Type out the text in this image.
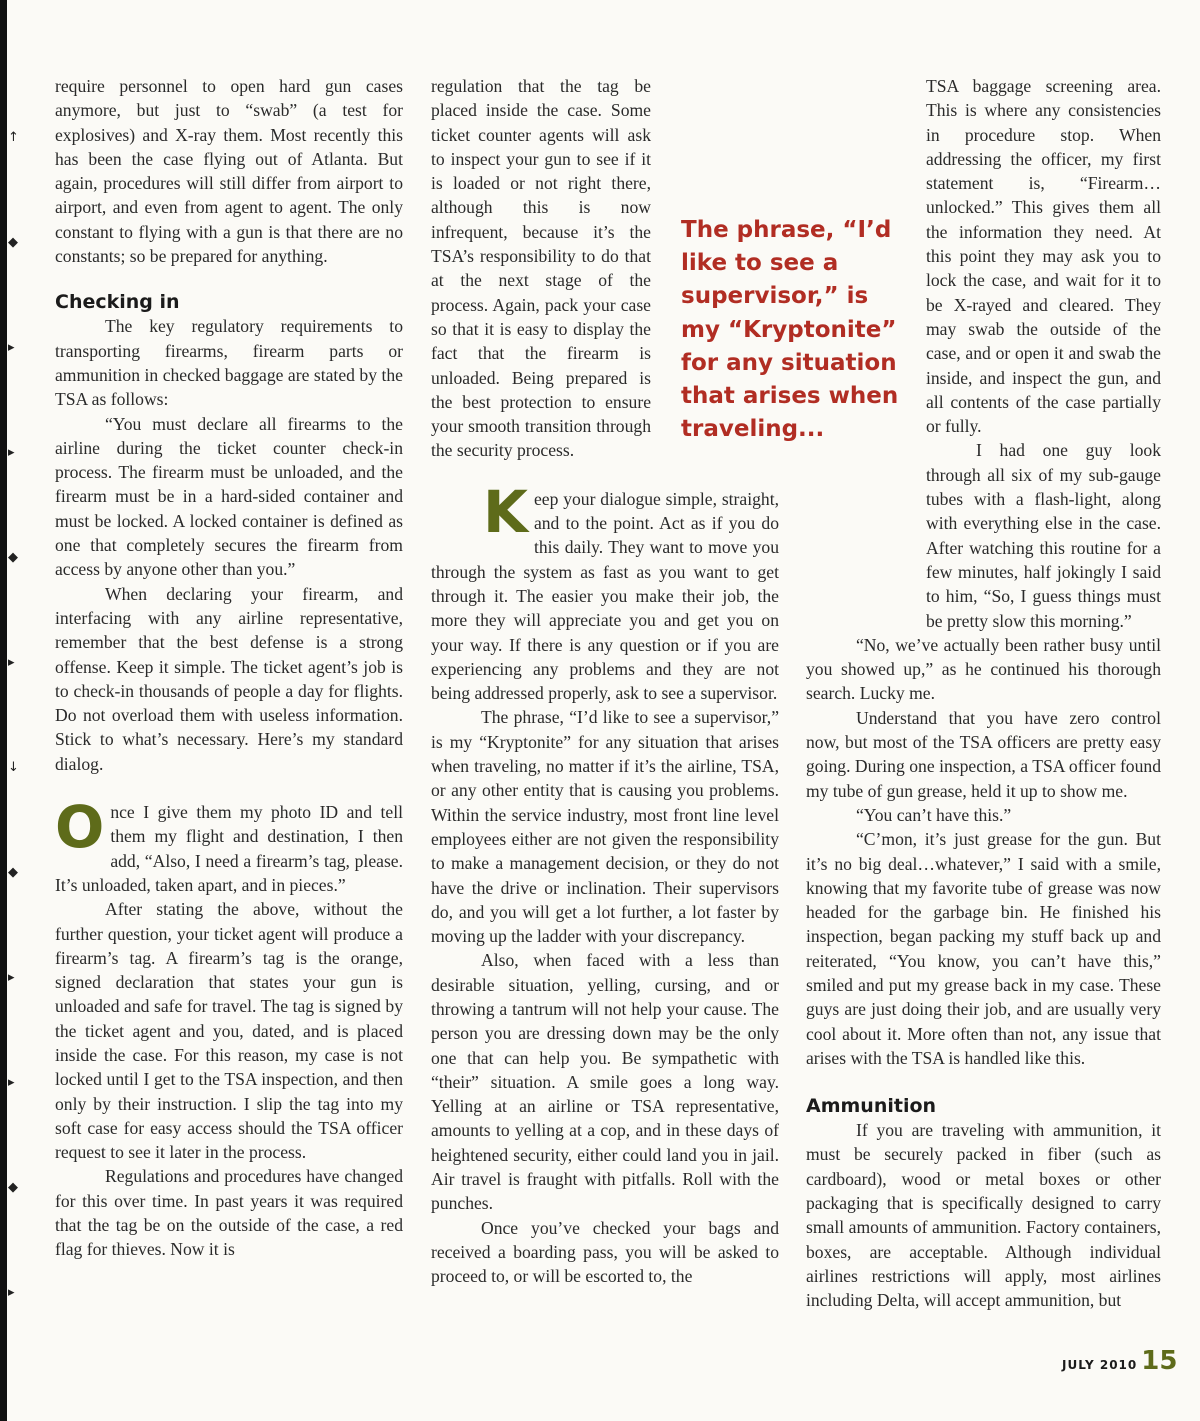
↑
◆
▸
▸
◆
▸
↓
◆
▸
▸
◆
▸

require personnel to open hard gun cases anymore, but just to “swab” (a test for explosives) and X-ray them. Most recently this has been the case flying out of Atlanta. But again, procedures will still differ from airport to airport, and even from agent to agent. The only constant to flying with a gun is that there are no constants; so be prepared for anything.

Checking in

The key regulatory requirements to transporting firearms, firearm parts or ammunition in checked baggage are stated by the TSA as follows:

“You must declare all firearms to the airline during the ticket counter check-in process. The firearm must be unloaded, and the firearm must be in a hard-sided container and must be locked. A locked container is defined as one that completely secures the firearm from access by anyone other than you.”

When declaring your firearm, and interfacing with any airline representative, remember that the best defense is a strong offense. Keep it simple. The ticket agent’s job is to check-in thousands of people a day for flights. Do not overload them with useless information. Stick to what’s necessary. Here’s my standard dialog.

O nce I give them my photo ID and tell them my flight and destination, I then add, “Also, I need a firearm’s tag, please. It’s unloaded, taken apart, and in pieces.”

After stating the above, without the further question, your ticket agent will produce a firearm’s tag. A firearm’s tag is the orange, signed declaration that states your gun is unloaded and safe for travel. The tag is signed by the ticket agent and you, dated, and is placed inside the case. For this reason, my case is not locked until I get to the TSA inspection, and then only by their instruction. I slip the tag into my soft case for easy access should the TSA officer request to see it later in the process.

Regulations and procedures have changed for this over time. In past years it was required that the tag be on the outside of the case, a red flag for thieves. Now it is

regulation that the tag be placed inside the case. Some ticket counter agents will ask to inspect your gun to see if it is loaded or not right there, although this is now infrequent, because it’s the TSA’s responsibility to do that at the next stage of the process. Again, pack your case so that it is easy to display the fact that the firearm is unloaded. Being prepared is the best protection to ensure your smooth transition through the security process.

K eep your dialogue simple, straight, and to the point. Act as if you do this daily. They want to move you through the system as fast as you want to get through it. The easier you make their job, the more they will appreciate you and get you on your way. If there is any question or if you are experiencing any problems and they are not being addressed properly, ask to see a supervisor.

The phrase, “I’d like to see a supervisor,” is my “Kryptonite” for any situation that arises when traveling, no matter if it’s the airline, TSA, or any other entity that is causing you problems. Within the service industry, most front line level employees either are not given the responsibility to make a management decision, or they do not have the drive or inclination. Their supervisors do, and you will get a lot further, a lot faster by moving up the ladder with your discrepancy.

Also, when faced with a less than desirable situation, yelling, cursing, and or throwing a tantrum will not help your cause. The person you are dressing down may be the only one that can help you. Be sympathetic with “their” situation. A smile goes a long way. Yelling at an airline or TSA representative, amounts to yelling at a cop, and in these days of heightened security, either could land you in jail. Air travel is fraught with pitfalls. Roll with the punches.

Once you’ve checked your bags and received a boarding pass, you will be asked to proceed to, or will be escorted to, the

The phrase, “I’d like to see a supervisor,” is my “Kryptonite” for any situation that arises when traveling...

TSA baggage screening area. This is where any consistencies in procedure stop. When addressing the officer, my first statement is, “Firearm…unlocked.” This gives them all the information they need. At this point they may ask you to lock the case, and wait for it to be X-rayed and cleared. They may swab the outside of the case, and or open it and swab the inside, and inspect the gun, and all contents of the case partially or fully.

I had one guy look through all six of my sub-gauge tubes with a flash-light, along with everything else in the case. After watching this routine for a few minutes, half jokingly I said to him, “So, I guess things must be pretty slow this morning.”

“No, we’ve actually been rather busy until you showed up,” as he continued his thorough search. Lucky me.

Understand that you have zero control now, but most of the TSA officers are pretty easy going. During one inspection, a TSA officer found my tube of gun grease, held it up to show me.

“You can’t have this.”

“C’mon, it’s just grease for the gun. But it’s no big deal…whatever,” I said with a smile, knowing that my favorite tube of grease was now headed for the garbage bin. He finished his inspection, began packing my stuff back up and reiterated, “You know, you can’t have this,” smiled and put my grease back in my case. These guys are just doing their job, and are usually very cool about it. More often than not, any issue that arises with the TSA is handled like this.

Ammunition

If you are traveling with ammunition, it must be securely packed in fiber (such as cardboard), wood or metal boxes or other packaging that is specifically designed to carry small amounts of ammunition. Factory containers, boxes, are acceptable. Although individual airlines restrictions will apply, most airlines including Delta, will accept ammunition, but

JULY 2010 15
